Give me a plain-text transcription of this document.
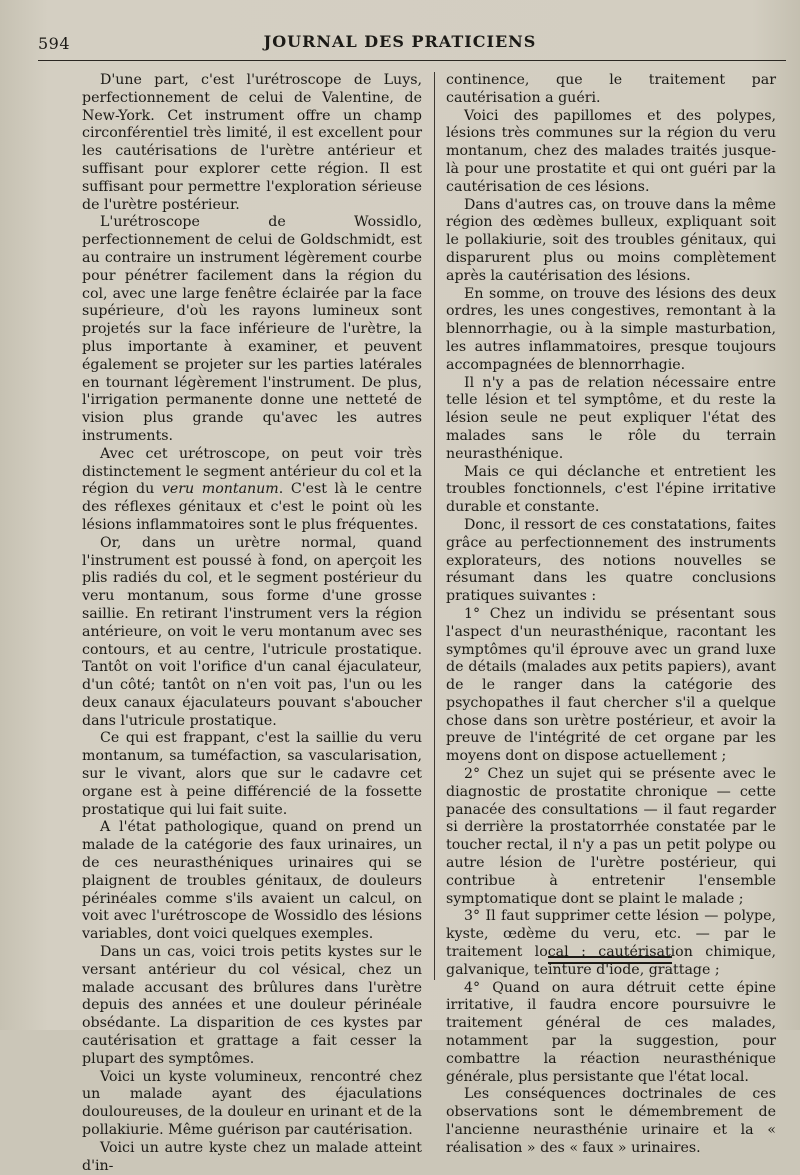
594	JOURNAL DES PRATICIENS

D'une part, c'est l'urétroscope de Luys, perfectionnement de celui de Valentine, de New-York. Cet instrument offre un champ circonférentiel très limité, il est excellent pour les cautérisations de l'urètre antérieur et suffisant pour explorer cette région. Il est suffisant pour permettre l'exploration sérieuse de l'urètre postérieur.

L'urétroscope de Wossidlo, perfectionnement de celui de Goldschmidt, est au contraire un instrument légèrement courbe pour pénétrer facilement dans la région du col, avec une large fenêtre éclairée par la face supérieure, d'où les rayons lumineux sont projetés sur la face inférieure de l'urètre, la plus importante à examiner, et peuvent également se projeter sur les parties latérales en tournant légèrement l'instrument. De plus, l'irrigation permanente donne une netteté de vision plus grande qu'avec les autres instruments.

Avec cet urétroscope, on peut voir très distinctement le segment antérieur du col et la région du veru montanum. C'est là le centre des réflexes génitaux et c'est le point où les lésions inflammatoires sont le plus fréquentes.

Or, dans un urètre normal, quand l'instrument est poussé à fond, on aperçoit les plis radiés du col, et le segment postérieur du veru montanum, sous forme d'une grosse saillie. En retirant l'instrument vers la région antérieure, on voit le veru montanum avec ses contours, et au centre, l'utricule prostatique. Tantôt on voit l'orifice d'un canal éjaculateur, d'un côté; tantôt on n'en voit pas, l'un ou les deux canaux éjaculateurs pouvant s'aboucher dans l'utricule prostatique.

Ce qui est frappant, c'est la saillie du veru montanum, sa tuméfaction, sa vascularisation, sur le vivant, alors que sur le cadavre cet organe est à peine différencié de la fossette prostatique qui lui fait suite.

A l'état pathologique, quand on prend un malade de la catégorie des faux urinaires, un de ces neurasthéniques urinaires qui se plaignent de troubles génitaux, de douleurs périnéales comme s'ils avaient un calcul, on voit avec l'urétroscope de Wossidlo des lésions variables, dont voici quelques exemples.

Dans un cas, voici trois petits kystes sur le versant antérieur du col vésical, chez un malade accusant des brûlures dans l'urètre depuis des années et une douleur périnéale obsédante. La disparition de ces kystes par cautérisation et grattage a fait cesser la plupart des symptômes.

Voici un kyste volumineux, rencontré chez un malade ayant des éjaculations douloureuses, de la douleur en urinant et de la pollakiurie. Même guérison par cautérisation.

Voici un autre kyste chez un malade atteint d'in-

continence, que le traitement par cautérisation a guéri.

Voici des papillomes et des polypes, lésions très communes sur la région du veru montanum, chez des malades traités jusque-là pour une prostatite et qui ont guéri par la cautérisation de ces lésions.

Dans d'autres cas, on trouve dans la même région des œdèmes bulleux, expliquant soit le pollakiurie, soit des troubles génitaux, qui disparurent plus ou moins complètement après la cautérisation des lésions.

En somme, on trouve des lésions des deux ordres, les unes congestives, remontant à la blennorrhagie, ou à la simple masturbation, les autres inflammatoires, presque toujours accompagnées de blennorrhagie.

Il n'y a pas de relation nécessaire entre telle lésion et tel symptôme, et du reste la lésion seule ne peut expliquer l'état des malades sans le rôle du terrain neurasthénique.

Mais ce qui déclanche et entretient les troubles fonctionnels, c'est l'épine irritative durable et constante.

Donc, il ressort de ces constatations, faites grâce au perfectionnement des instruments explorateurs, des notions nouvelles se résumant dans les quatre conclusions pratiques suivantes :

1° Chez un individu se présentant sous l'aspect d'un neurasthénique, racontant les symptômes qu'il éprouve avec un grand luxe de détails (malades aux petits papiers), avant de le ranger dans la catégorie des psychopathes il faut chercher s'il a quelque chose dans son urètre postérieur, et avoir la preuve de l'intégrité de cet organe par les moyens dont on dispose actuellement ;

2° Chez un sujet qui se présente avec le diagnostic de prostatite chronique — cette panacée des consultations — il faut regarder si derrière la prostatorrhée constatée par le toucher rectal, il n'y a pas un petit polype ou autre lésion de l'urètre postérieur, qui contribue à entretenir l'ensemble symptomatique dont se plaint le malade ;

3° Il faut supprimer cette lésion — polype, kyste, œdème du veru, etc. — par le traitement local : cautérisation chimique, galvanique, teinture d'iode, grattage ;

4° Quand on aura détruit cette épine irritative, il faudra encore poursuivre le traitement général de ces malades, notamment par la suggestion, pour combattre la réaction neurasthénique générale, plus persistante que l'état local.

Les conséquences doctrinales de ces observations sont le démembrement de l'ancienne neurasthénie urinaire et la « réalisation » des « faux » urinaires.
